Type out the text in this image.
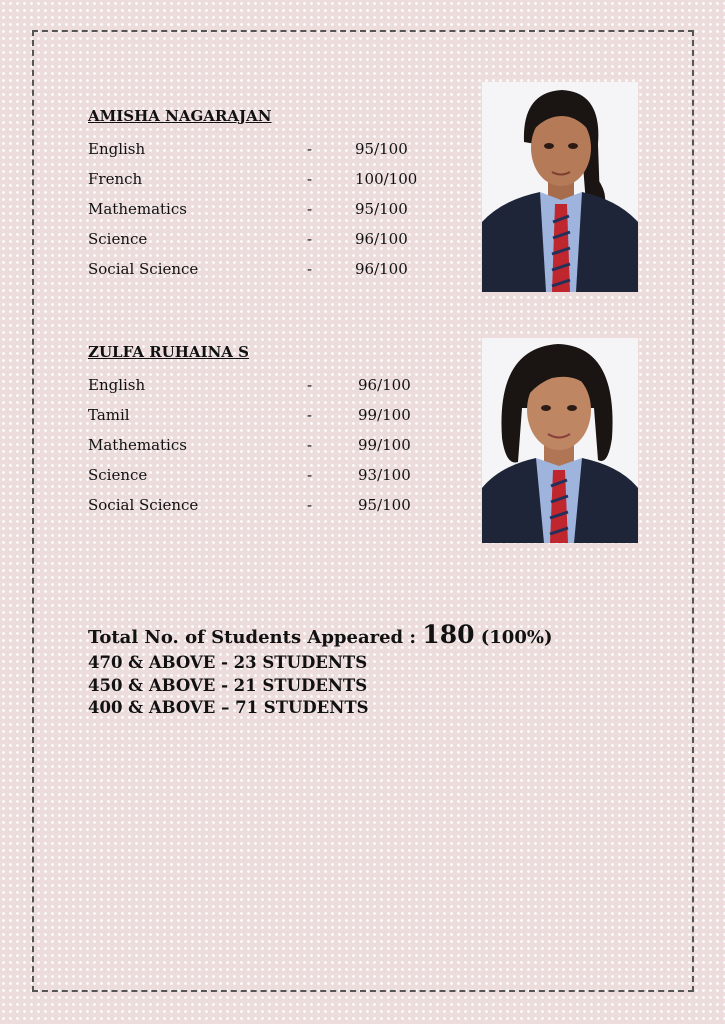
AMISHA NAGARAJAN
English	-	95/100
French	-	100/100
Mathematics	-	95/100
Science	-	96/100
Social Science	-	96/100
ZULFA RUHAINA S
English	-	96/100
Tamil	-	99/100
Mathematics	-	99/100
Science	-	93/100
Social Science	-	95/100
Total No. of Students Appeared : 180 (100%)
470 & ABOVE - 23 STUDENTS
450 & ABOVE - 21 STUDENTS
400 & ABOVE – 71 STUDENTS
